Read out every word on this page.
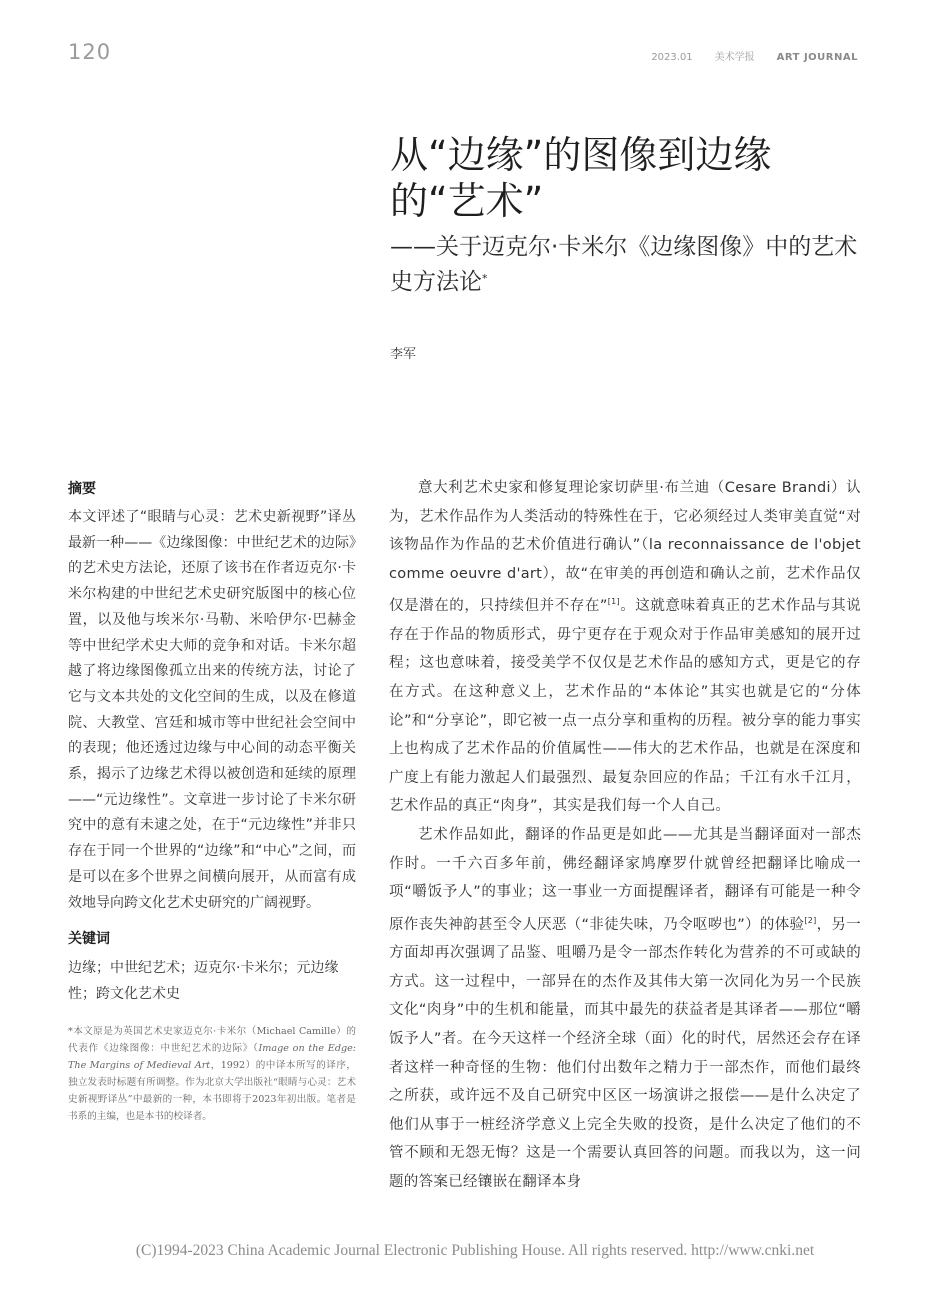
120	2023.01 美术学报 ART JOURNAL
从“边缘”的图像到边缘的“艺术”
——关于迈克尔·卡米尔《边缘图像》中的艺术史方法论*
李军
摘要

本文评述了“眼睛与心灵：艺术史新视野”译丛最新一种——《边缘图像：中世纪艺术的边际》的艺术史方法论，还原了该书在作者迈克尔·卡米尔构建的中世纪艺术史研究版图中的核心位置，以及他与埃米尔·马勒、米哈伊尔·巴赫金等中世纪学术史大师的竞争和对话。卡米尔超越了将边缘图像孤立出来的传统方法，讨论了它与文本共处的文化空间的生成，以及在修道院、大教堂、宫廷和城市等中世纪社会空间中的表现；他还透过边缘与中心间的动态平衡关系，揭示了边缘艺术得以被创造和延续的原理——“元边缘性”。文章进一步讨论了卡米尔研究中的意有未逮之处，在于“元边缘性”并非只存在于同一个世界的“边缘”和“中心”之间，而是可以在多个世界之间横向展开，从而富有成效地导向跨文化艺术史研究的广阔视野。

关键词

边缘；中世纪艺术；迈克尔·卡米尔；元边缘性；跨文化艺术史

*本文原是为英国艺术史家迈克尔·卡米尔（Michael Camille）的代表作《边缘图像：中世纪艺术的边际》（Image on the Edge: The Margins of Medieval Art，1992）的中译本所写的译序，独立发表时标题有所调整。作为北京大学出版社“眼睛与心灵：艺术史新视野译丛”中最新的一种，本书即将于2023年初出版。笔者是书系的主编，也是本书的校译者。

意大利艺术史家和修复理论家切萨里·布兰迪（Cesare Brandi）认为，艺术作品作为人类活动的特殊性在于，它必须经过人类审美直觉“对该物品作为作品的艺术价值进行确认”（la reconnaissance de l'objet comme oeuvre d'art），故“在审美的再创造和确认之前，艺术作品仅仅是潜在的，只持续但并不存在”[1]。这就意味着真正的艺术作品与其说存在于作品的物质形式，毋宁更存在于观众对于作品审美感知的展开过程；这也意味着，接受美学不仅仅是艺术作品的感知方式，更是它的存在方式。在这种意义上，艺术作品的“本体论”其实也就是它的“分体论”和“分享论”，即它被一点一点分享和重构的历程。被分享的能力事实上也构成了艺术作品的价值属性——伟大的艺术作品，也就是在深度和广度上有能力激起人们最强烈、最复杂回应的作品；千江有水千江月，艺术作品的真正“肉身”，其实是我们每一个人自己。

艺术作品如此，翻译的作品更是如此——尤其是当翻译面对一部杰作时。一千六百多年前，佛经翻译家鸠摩罗什就曾经把翻译比喻成一项“嚼饭予人”的事业；这一事业一方面提醒译者，翻译有可能是一种令原作丧失神韵甚至令人厌恶（“非徒失味，乃令呕哕也”）的体验[2]，另一方面却再次强调了品鉴、咀嚼乃是令一部杰作转化为营养的不可或缺的方式。这一过程中，一部异在的杰作及其伟大第一次同化为另一个民族文化“肉身”中的生机和能量，而其中最先的获益者是其译者——那位“嚼饭予人”者。在今天这样一个经济全球（面）化的时代，居然还会存在译者这样一种奇怪的生物：他们付出数年之精力于一部杰作，而他们最终之所获，或许远不及自己研究中区区一场演讲之报偿——是什么决定了他们从事于一桩经济学意义上完全失败的投资，是什么决定了他们的不管不顾和无怨无悔？这是一个需要认真回答的问题。而我以为，这一问题的答案已经镶嵌在翻译本身

(C)1994-2023 China Academic Journal Electronic Publishing House. All rights reserved. http://www.cnki.net
